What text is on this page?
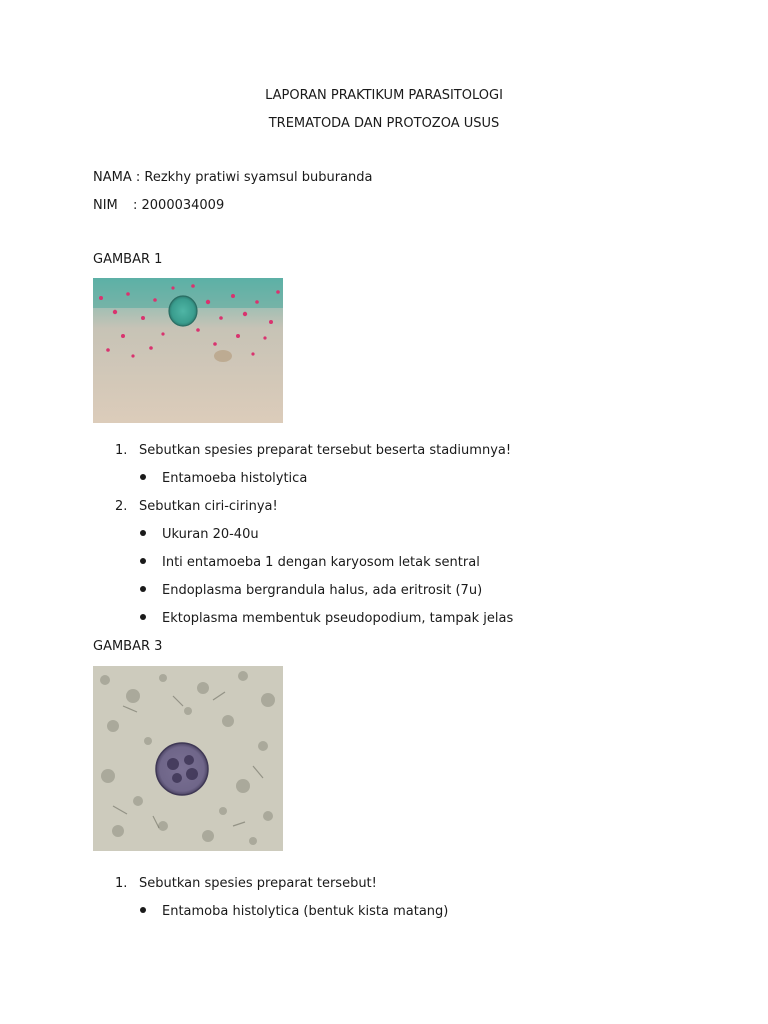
LAPORAN PRAKTIKUM PARASITOLOGI
TREMATODA DAN PROTOZOA USUS
NAMA : Rezkhy pratiwi syamsul buburanda
NIM : 2000034009
GAMBAR 1
1. Sebutkan spesies preparat tersebut beserta stadiumnya!
Entamoeba histolytica
2. Sebutkan ciri-cirinya!
Ukuran 20-40u
Inti entamoeba 1 dengan karyosom letak sentral
Endoplasma bergrandula halus, ada eritrosit (7u)
Ektoplasma membentuk pseudopodium, tampak jelas
GAMBAR 3
1. Sebutkan spesies preparat tersebut!
Entamoba histolytica (bentuk kista matang)
